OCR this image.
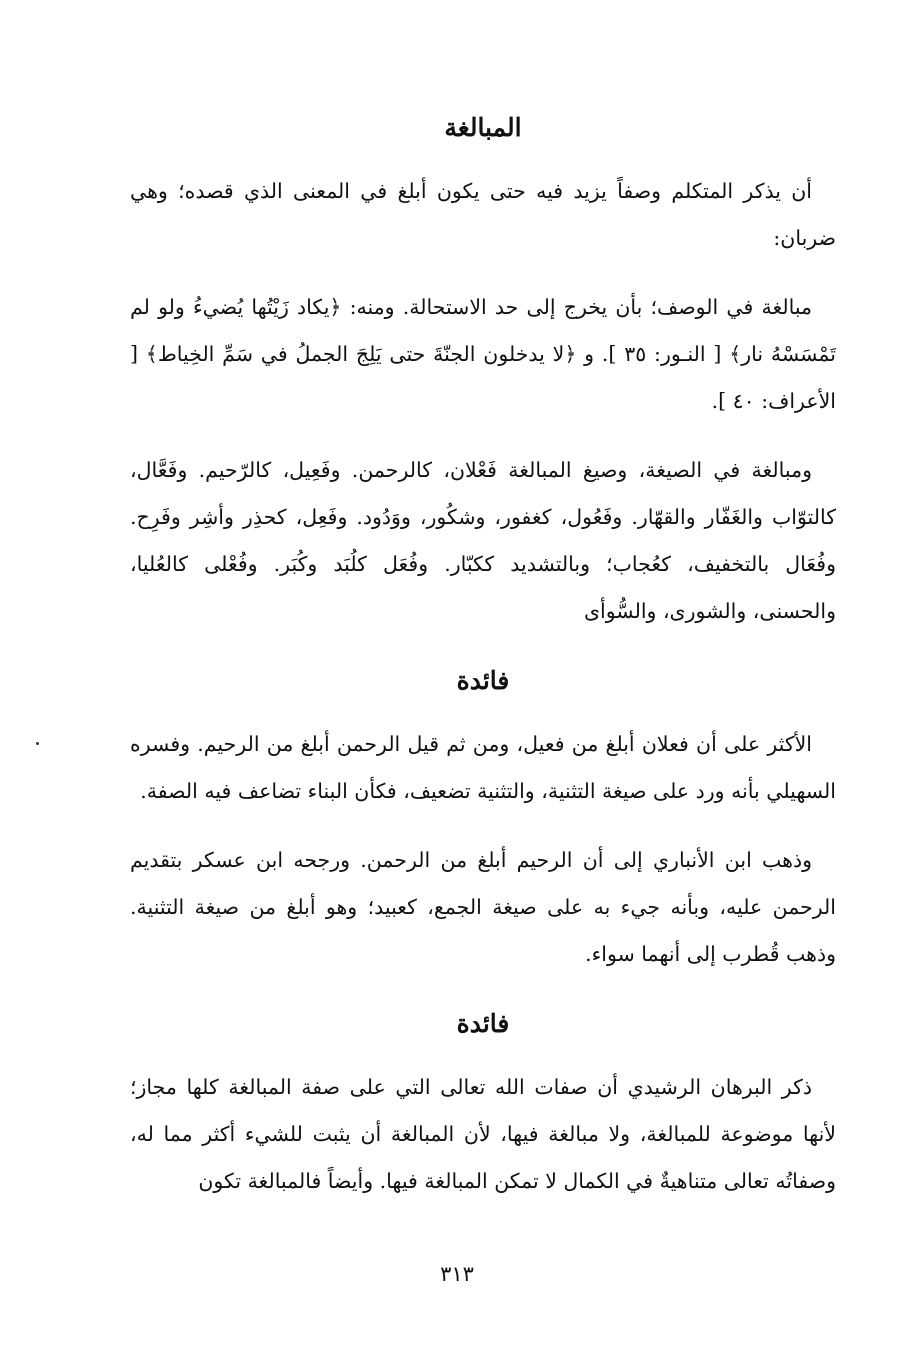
المبالغة

أن يذكر المتكلم وصفاً يزيد فيه حتى يكون أبلغ في المعنى الذي قصده؛ وهي ضربان:

مبالغة في الوصف؛ بأن يخرج إلى حد الاستحالة. ومنه: ﴿يكاد زَيْتُها يُضيءُ ولو لم تَمْسَسْهُ نار﴾ [ النـور: ٣٥ ]. و ﴿لا يدخلون الجنّةَ حتى يَلِجَ الجملُ في سَمِّ الخِياط﴾ [ الأعراف: ٤٠ ].

ومبالغة في الصيغة، وصيغ المبالغة فَعْلان، كالرحمن. وفَعِيل، كالرّحيم. وفَعَّال، كالتوّاب والغَفّار والقهّار. وفَعُول، كغفور، وشكُور، ووَدُود. وفَعِل، كحذِر وأشِر وفَرِح. وفُعَال بالتخفيف، كعُجاب؛ وبالتشديد ككبّار. وفُعَل كلُبَد وكُبَر. وفُعْلى كالعُليا، والحسنى، والشورى، والسُّوأى

فائدة

الأكثر على أن فعلان أبلغ من فعيل، ومن ثم قيل الرحمن أبلغ من الرحيم. وفسره السهيلي بأنه ورد على صيغة التثنية، والتثنية تضعيف، فكأن البناء تضاعف فيه الصفة.

وذهب ابن الأنباري إلى أن الرحيم أبلغ من الرحمن. ورجحه ابن عسكر بتقديم الرحمن عليه، وبأنه جيء به على صيغة الجمع، كعبيد؛ وهو أبلغ من صيغة التثنية. وذهب قُطرب إلى أنهما سواء.

فائدة

ذكر البرهان الرشيدي أن صفات الله تعالى التي على صفة المبالغة كلها مجاز؛ لأنها موضوعة للمبالغة، ولا مبالغة فيها، لأن المبالغة أن يثبت للشيء أكثر مما له، وصفاتُه تعالى متناهيةٌ في الكمال لا تمكن المبالغة فيها. وأيضاً فالمبالغة تكون

٣١٣
